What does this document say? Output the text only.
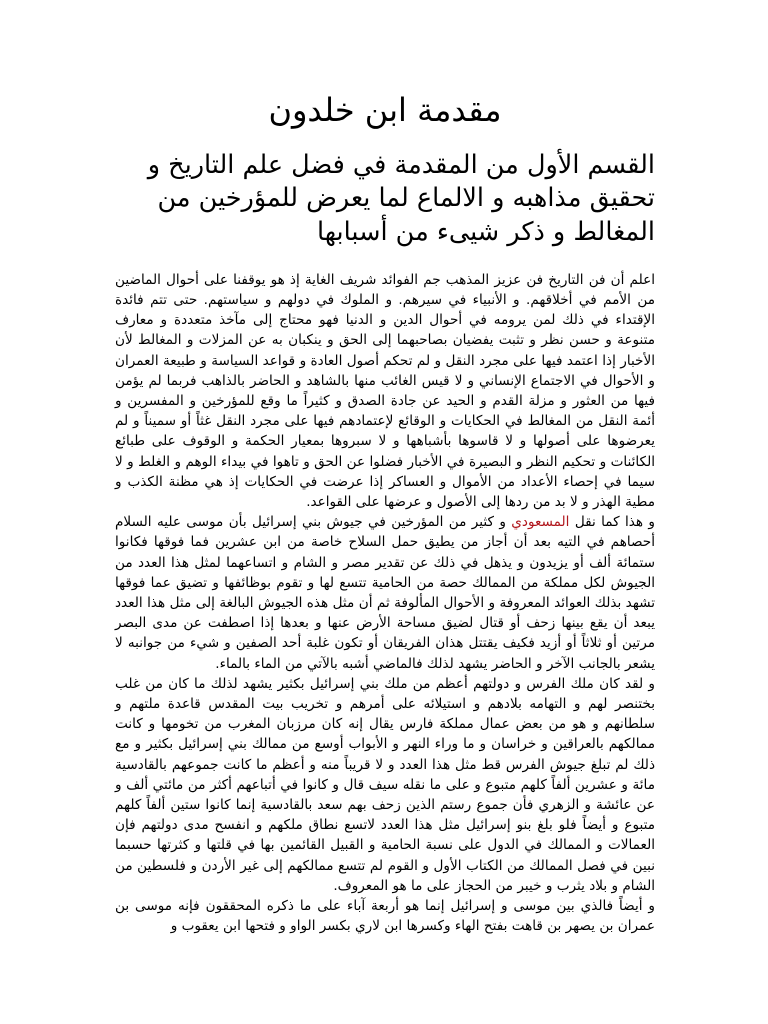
مقدمة ابن خلدون
القسم الأول من المقدمة في فضل علم التاريخ و تحقيق مذاهبه و الالماع لما يعرض للمؤرخين من المغالط و ذكر شيىء من أسبابها

اعلم أن فن التاريخ فن عزيز المذهب جم الفوائد شريف الغاية إذ هو يوقفنا على أحوال الماضين من الأمم في أخلاقهم. و الأنبياء في سيرهم. و الملوك في دولهم و سياستهم. حتى تتم فائدة الإقتداء في ذلك لمن يرومه في أحوال الدين و الدنيا فهو محتاج إلى مآخذ متعددة و معارف متنوعة و حسن نظر و تثبت يفضيان بصاحبهما إلى الحق و ينكبان به عن المزلات و المغالط لأن الأخبار إذا اعتمد فيها على مجرد النقل و لم تحكم أصول العادة و قواعد السياسة و طبيعة العمران و الأحوال في الاجتماع الإنساني و لا قيس الغائب منها بالشاهد و الحاضر بالذاهب فربما لم يؤمن فيها من العثور و مزلة القدم و الحيد عن جادة الصدق و كثيراً ما وقع للمؤرخين و المفسرين و أئمة النقل من المغالط في الحكايات و الوقائع لإعتمادهم فيها على مجرد النقل غثاً أو سميناً و لم يعرضوها على أصولها و لا قاسوها بأشباهها و لا سبروها بمعيار الحكمة و الوقوف على طبائع الكائنات و تحكيم النظر و البصيرة في الأخبار فضلوا عن الحق و تاهوا في بيداء الوهم و الغلط و لا سيما في إحصاء الأعداد من الأموال و العساكر إذا عرضت في الحكايات إذ هي مظنة الكذب و مطية الهذر و لا بد من ردها إلى الأصول و عرضها على القواعد.

و هذا كما نقل المسعودي و كثير من المؤرخين في جيوش بني إسرائيل بأن موسى عليه السلام أحصاهم في التيه بعد أن أجاز من يطيق حمل السلاح خاصة من ابن عشرين فما فوقها فكانوا ستمائة ألف أو يزيدون و يذهل في ذلك عن تقدير مصر و الشام و اتساعهما لمثل هذا العدد من الجيوش لكل مملكة من الممالك حصة من الحامية تتسع لها و تقوم بوظائفها و تضيق عما فوقها تشهد بذلك العوائد المعروفة و الأحوال المألوفة ثم أن مثل هذه الجيوش البالغة إلى مثل هذا العدد يبعد أن يقع بينها زحف أو قتال لضيق مساحة الأرض عنها و بعدها إذا اصطفت عن مدى البصر مرتين أو ثلاثاً أو أزيد فكيف يقتتل هذان الفريقان أو تكون غلبة أحد الصفين و شيء من جوانبه لا يشعر بالجانب الآخر و الحاضر يشهد لذلك فالماضي أشبه بالآتي من الماء بالماء.

و لقد كان ملك الفرس و دولتهم أعظم من ملك بني إسرائيل بكثير يشهد لذلك ما كان من غلب بختنصر لهم و التهامه بلادهم و استيلائه على أمرهم و تخريب بيت المقدس قاعدة ملتهم و سلطانهم و هو من بعض عمال مملكة فارس يقال إنه كان مرزبان المغرب من تخومها و كانت ممالكهم بالعراقين و خراسان و ما وراء النهر و الأبواب أوسع من ممالك بني إسرائيل بكثير و مع ذلك لم تبلغ جيوش الفرس قط مثل هذا العدد و لا قريباً منه و أعظم ما كانت جموعهم بالقادسية مائة و عشرين ألفاً كلهم متبوع و على ما نقله سيف قال و كانوا في أتباعهم أكثر من مائتي ألف و عن عائشة و الزهري فأن جموع رستم الذين زحف بهم سعد بالقادسية إنما كانوا ستين ألفاً كلهم متبوع و أيضاً فلو بلغ بنو إسرائيل مثل هذا العدد لاتسع نطاق ملكهم و انفسح مدى دولتهم فإن العمالات و الممالك في الدول على نسبة الحامية و القبيل القائمين بها في قلتها و كثرتها حسبما نبين في فصل الممالك من الكتاب الأول و القوم لم تتسع ممالكهم إلى غير الأردن و فلسطين من الشام و بلاد يثرب و خيبر من الحجاز على ما هو المعروف.

و أيضاً فالذي بين موسى و إسرائيل إنما هو أربعة آباء على ما ذكره المحققون فإنه موسى بن عمران بن يصهر بن قاهت بفتح الهاء وكسرها ابن لاري بكسر الواو و فتحها ابن يعقوب و
